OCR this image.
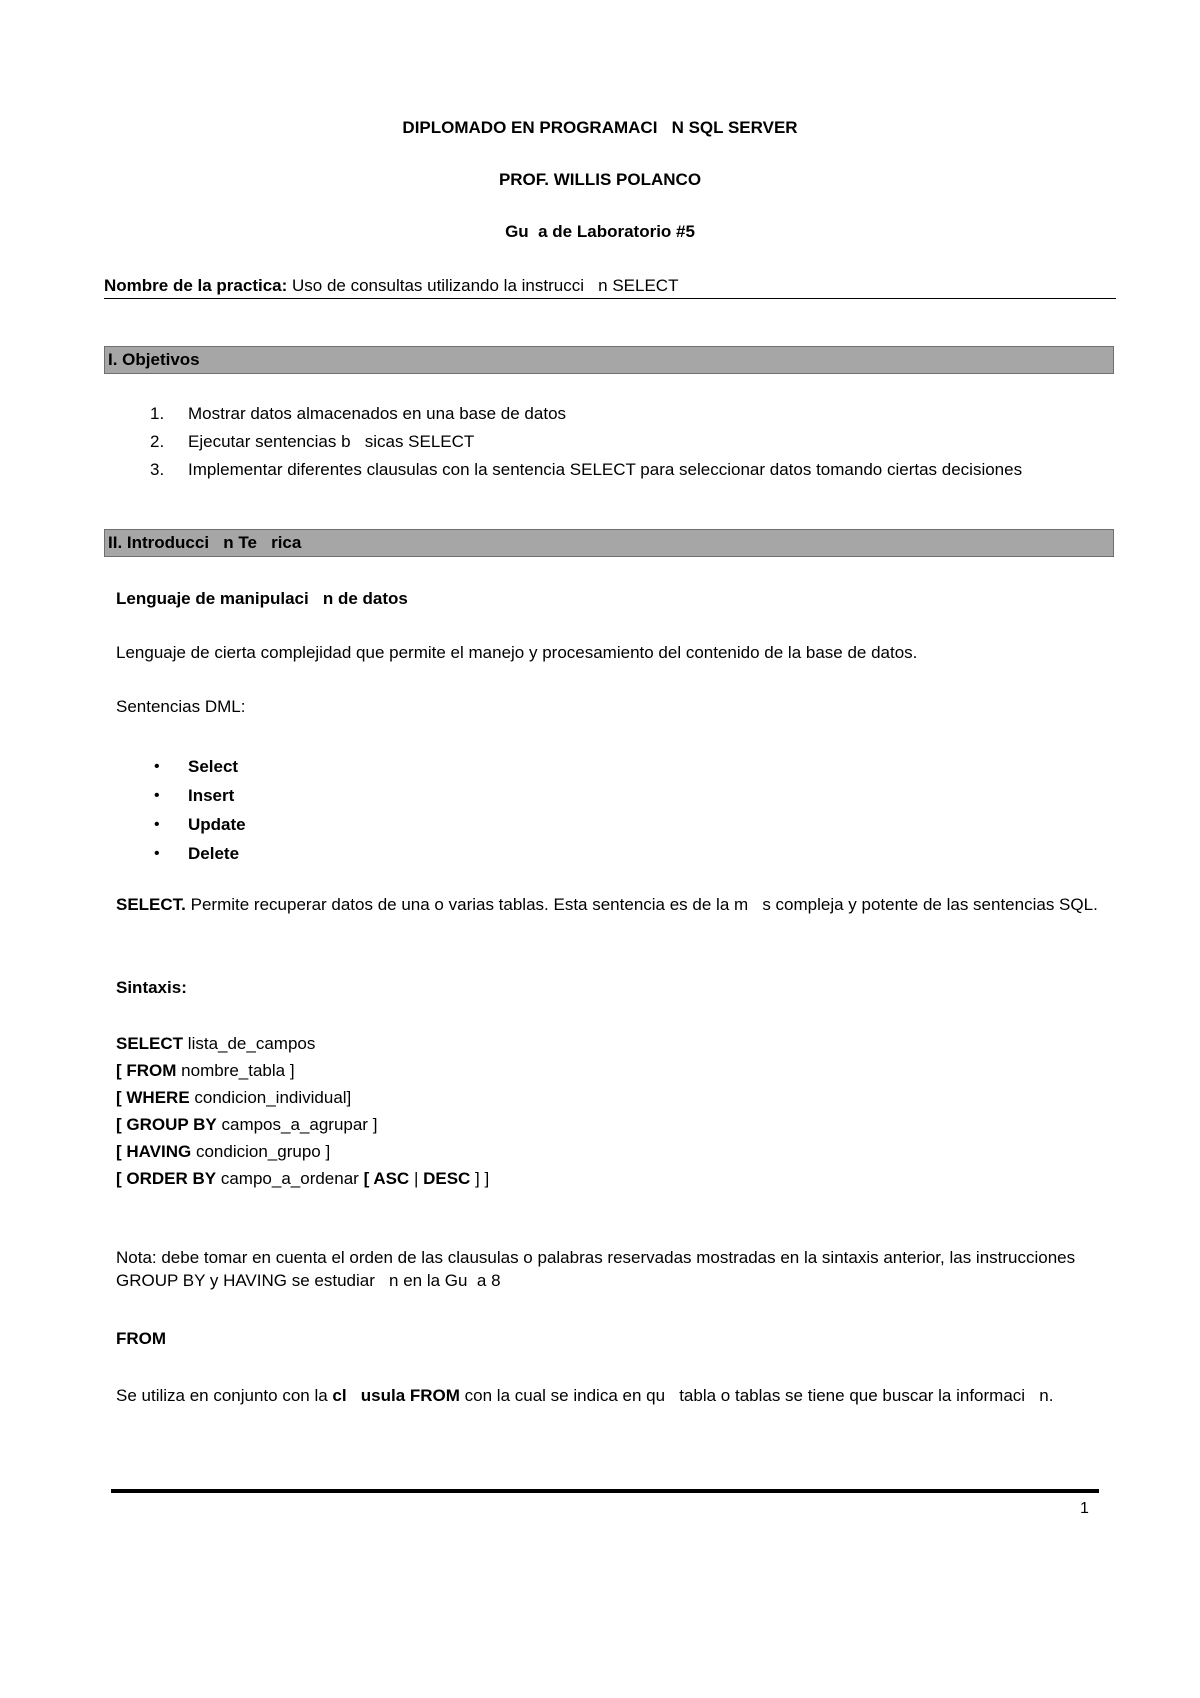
DIPLOMADO EN PROGRAMACI   N SQL SERVER
PROF. WILLIS POLANCO
Gu  a de Laboratorio #5
Nombre de la practica: Uso de consultas utilizando la instrucci   n SELECT
I. Objetivos
1. Mostrar datos almacenados en una base de datos
2. Ejecutar sentencias b   sicas SELECT
3. Implementar diferentes clausulas con la sentencia SELECT para seleccionar datos tomando ciertas decisiones
II. Introducci   n Te   rica
Lenguaje de manipulaci   n de datos
Lenguaje de cierta complejidad que permite el manejo y procesamiento del contenido de la base de datos.
Sentencias DML:
• Select
• Insert
• Update
• Delete
SELECT. Permite recuperar datos de una o varias tablas. Esta sentencia es de la m   s compleja y potente de las sentencias SQL.
Sintaxis:
SELECT lista_de_campos
[ FROM nombre_tabla ]
[ WHERE condicion_individual]
[ GROUP BY campos_a_agrupar ]
[ HAVING condicion_grupo ]
[ ORDER BY campo_a_ordenar [ ASC | DESC ] ]
Nota: debe tomar en cuenta el orden de las clausulas o palabras reservadas mostradas en la sintaxis anterior, las instrucciones GROUP BY y HAVING se estudiar   n en la Gu  a 8
FROM
Se utiliza en conjunto con la cl   usula FROM con la cual se indica en qu   tabla o tablas se tiene que buscar la informaci   n.
1
